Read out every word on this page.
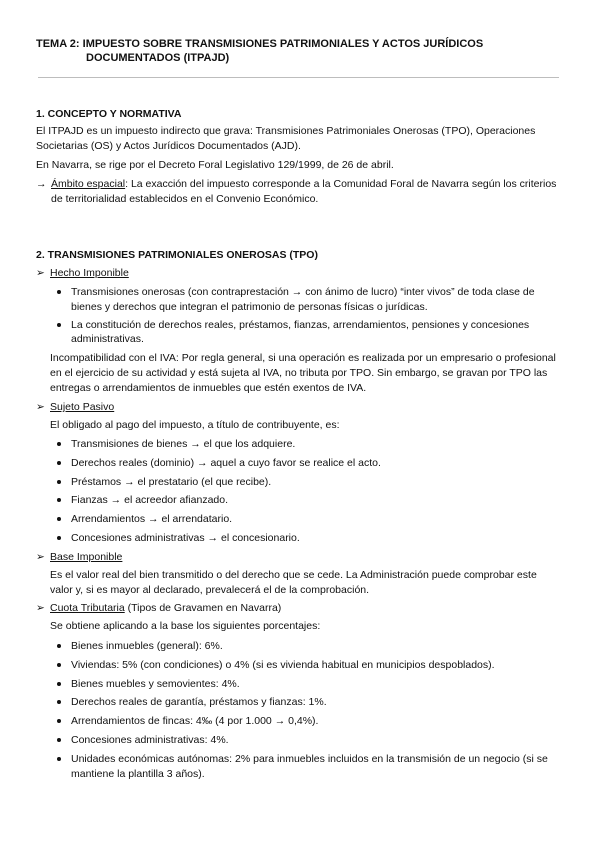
TEMA 2: IMPUESTO SOBRE TRANSMISIONES PATRIMONIALES Y ACTOS JURÍDICOS
DOCUMENTADOS (ITPAJD)
1. CONCEPTO Y NORMATIVA
El ITPAJD es un impuesto indirecto que grava: Transmisiones Patrimoniales Onerosas (TPO), Operaciones Societarias (OS) y Actos Jurídicos Documentados (AJD).
En Navarra, se rige por el Decreto Foral Legislativo 129/1999, de 26 de abril.
→ Ámbito espacial: La exacción del impuesto corresponde a la Comunidad Foral de Navarra según los criterios de territorialidad establecidos en el Convenio Económico.
2. TRANSMISIONES PATRIMONIALES ONEROSAS (TPO)
➢ Hecho Imponible
Transmisiones onerosas (con contraprestación → con ánimo de lucro) “inter vivos” de toda clase de bienes y derechos que integran el patrimonio de personas físicas o jurídicas.
La constitución de derechos reales, préstamos, fianzas, arrendamientos, pensiones y concesiones administrativas.
Incompatibilidad con el IVA: Por regla general, si una operación es realizada por un empresario o profesional en el ejercicio de su actividad y está sujeta al IVA, no tributa por TPO. Sin embargo, se gravan por TPO las entregas o arrendamientos de inmuebles que estén exentos de IVA.
➢ Sujeto Pasivo
El obligado al pago del impuesto, a título de contribuyente, es:
Transmisiones de bienes → el que los adquiere.
Derechos reales (dominio) → aquel a cuyo favor se realice el acto.
Préstamos → el prestatario (el que recibe).
Fianzas → el acreedor afianzado.
Arrendamientos → el arrendatario.
Concesiones administrativas → el concesionario.
➢ Base Imponible
Es el valor real del bien transmitido o del derecho que se cede. La Administración puede comprobar este valor y, si es mayor al declarado, prevalecerá el de la comprobación.
➢ Cuota Tributaria (Tipos de Gravamen en Navarra)
Se obtiene aplicando a la base los siguientes porcentajes:
Bienes inmuebles (general): 6%.
Viviendas: 5% (con condiciones) o 4% (si es vivienda habitual en municipios despoblados).
Bienes muebles y semovientes: 4%.
Derechos reales de garantía, préstamos y fianzas: 1%.
Arrendamientos de fincas: 4‰ (4 por 1.000 → 0,4%).
Concesiones administrativas: 4%.
Unidades económicas autónomas: 2% para inmuebles incluidos en la transmisión de un negocio (si se mantiene la plantilla 3 años).
